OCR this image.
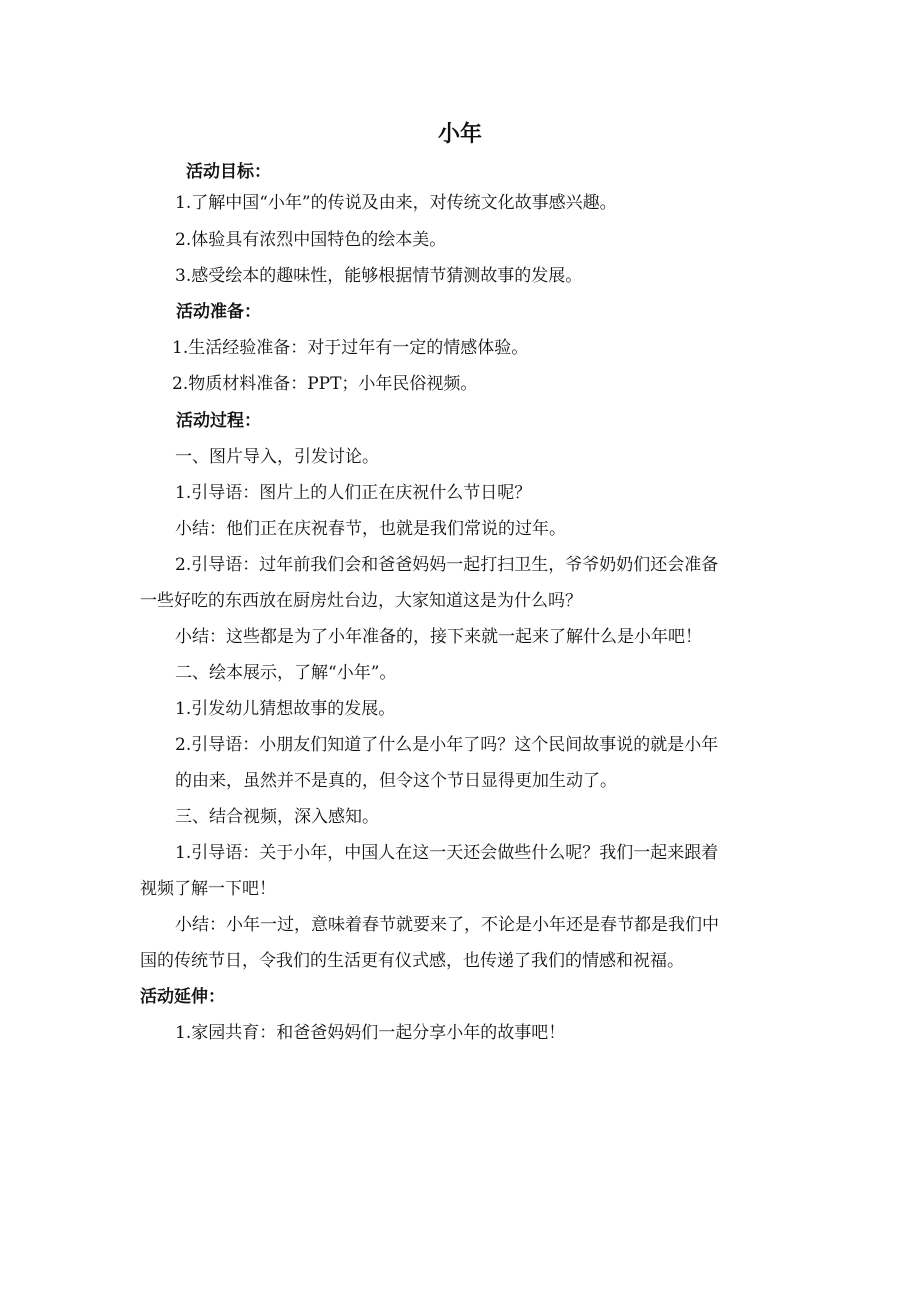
小年
活动目标：
1.了解中国“小年”的传说及由来，对传统文化故事感兴趣。
2.体验具有浓烈中国特色的绘本美。
3.感受绘本的趣味性，能够根据情节猜测故事的发展。
活动准备：
1.生活经验准备：对于过年有一定的情感体验。
2.物质材料准备：PPT；小年民俗视频。
活动过程：
一、图片导入，引发讨论。
1.引导语：图片上的人们正在庆祝什么节日呢？
小结：他们正在庆祝春节，也就是我们常说的过年。
2.引导语：过年前我们会和爸爸妈妈一起打扫卫生，爷爷奶奶们还会准备
一些好吃的东西放在厨房灶台边，大家知道这是为什么吗？
小结：这些都是为了小年准备的，接下来就一起来了解什么是小年吧！
二、绘本展示，了解“小年”。
1.引发幼儿猜想故事的发展。
2.引导语：小朋友们知道了什么是小年了吗？这个民间故事说的就是小年
的由来，虽然并不是真的，但令这个节日显得更加生动了。
三、结合视频，深入感知。
1.引导语：关于小年，中国人在这一天还会做些什么呢？我们一起来跟着
视频了解一下吧！
小结：小年一过，意味着春节就要来了，不论是小年还是春节都是我们中
国的传统节日，令我们的生活更有仪式感，也传递了我们的情感和祝福。
活动延伸：
1.家园共育：和爸爸妈妈们一起分享小年的故事吧！
